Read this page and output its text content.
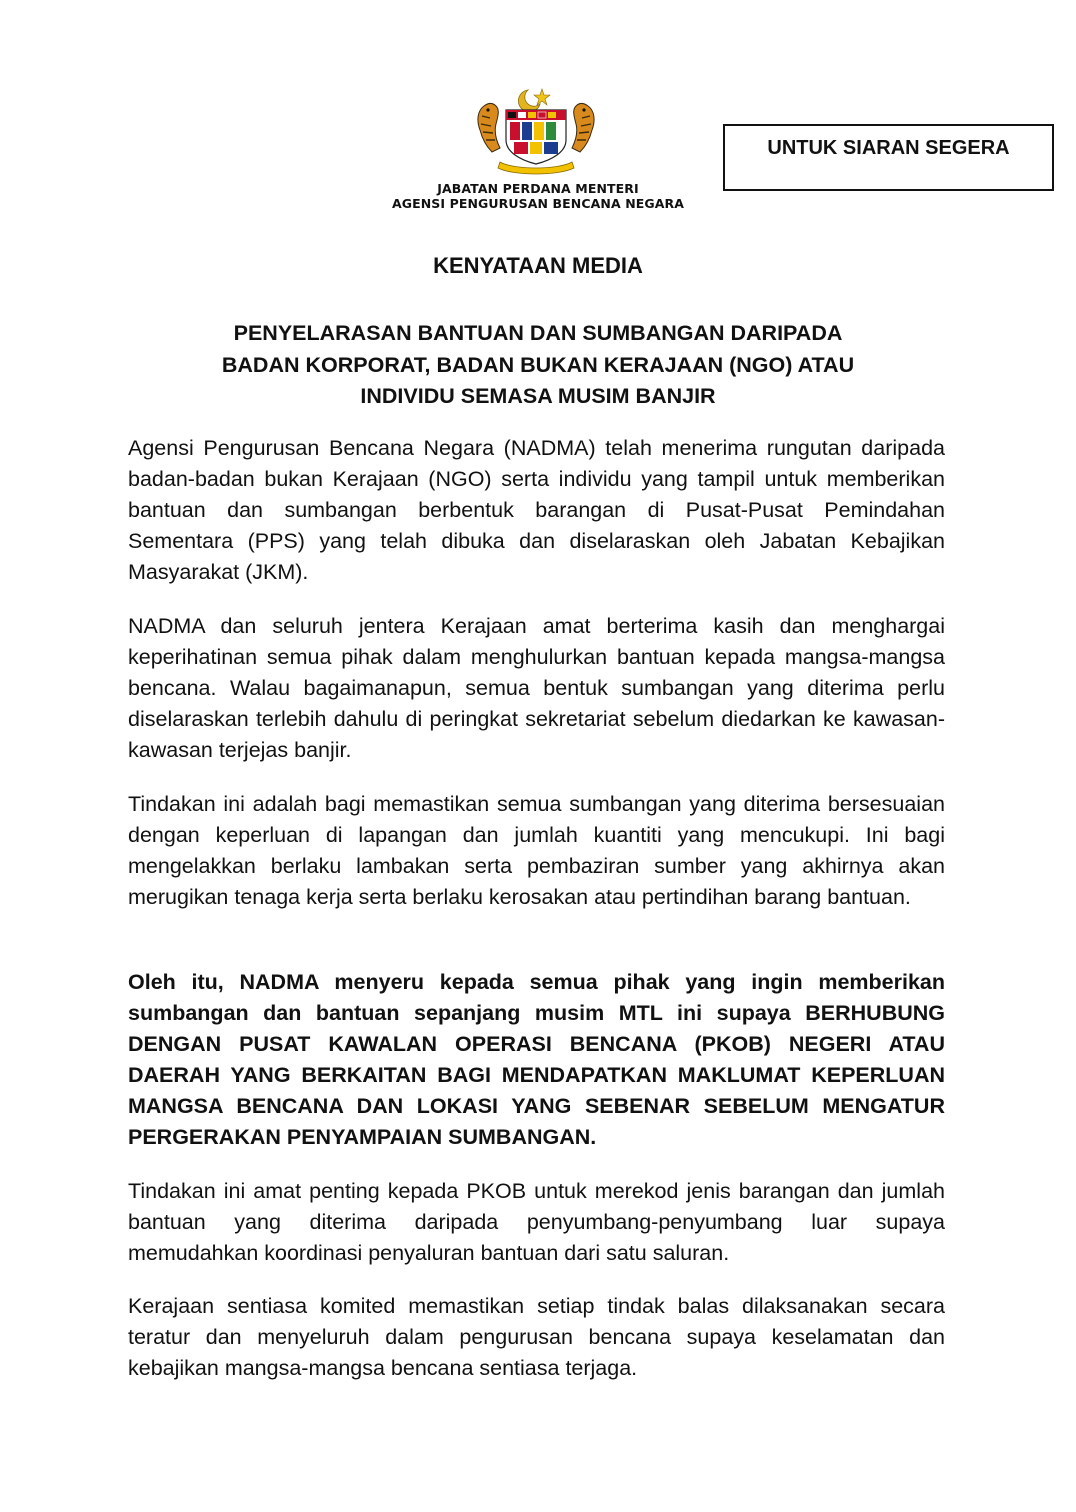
JABATAN PERDANA MENTERI
AGENSI PENGURUSAN BENCANA NEGARA
UNTUK SIARAN SEGERA
KENYATAAN MEDIA
PENYELARASAN BANTUAN DAN SUMBANGAN DARIPADA
BADAN KORPORAT, BADAN BUKAN KERAJAAN (NGO) ATAU
INDIVIDU SEMASA MUSIM BANJIR

Agensi Pengurusan Bencana Negara (NADMA) telah menerima rungutan daripada badan-badan bukan Kerajaan (NGO) serta individu yang tampil untuk memberikan bantuan dan sumbangan berbentuk barangan di Pusat-Pusat Pemindahan Sementara (PPS) yang telah dibuka dan diselaraskan oleh Jabatan Kebajikan Masyarakat (JKM).

NADMA dan seluruh jentera Kerajaan amat berterima kasih dan menghargai keperihatinan semua pihak dalam menghulurkan bantuan kepada mangsa-mangsa bencana. Walau bagaimanapun, semua bentuk sumbangan yang diterima perlu diselaraskan terlebih dahulu di peringkat sekretariat sebelum diedarkan ke kawasan-kawasan terjejas banjir.

Tindakan ini adalah bagi memastikan semua sumbangan yang diterima bersesuaian dengan keperluan di lapangan dan jumlah kuantiti yang mencukupi. Ini bagi mengelakkan berlaku lambakan serta pembaziran sumber yang akhirnya akan merugikan tenaga kerja serta berlaku kerosakan atau pertindihan barang bantuan.

Oleh itu, NADMA menyeru kepada semua pihak yang ingin memberikan sumbangan dan bantuan sepanjang musim MTL ini supaya BERHUBUNG DENGAN PUSAT KAWALAN OPERASI BENCANA (PKOB) NEGERI ATAU DAERAH YANG BERKAITAN BAGI MENDAPATKAN MAKLUMAT KEPERLUAN MANGSA BENCANA DAN LOKASI YANG SEBENAR SEBELUM MENGATUR PERGERAKAN PENYAMPAIAN SUMBANGAN.

Tindakan ini amat penting kepada PKOB untuk merekod jenis barangan dan jumlah bantuan yang diterima daripada penyumbang-penyumbang luar supaya memudahkan koordinasi penyaluran bantuan dari satu saluran.

Kerajaan sentiasa komited memastikan setiap tindak balas dilaksanakan secara teratur dan menyeluruh dalam pengurusan bencana supaya keselamatan dan kebajikan mangsa-mangsa bencana sentiasa terjaga.
